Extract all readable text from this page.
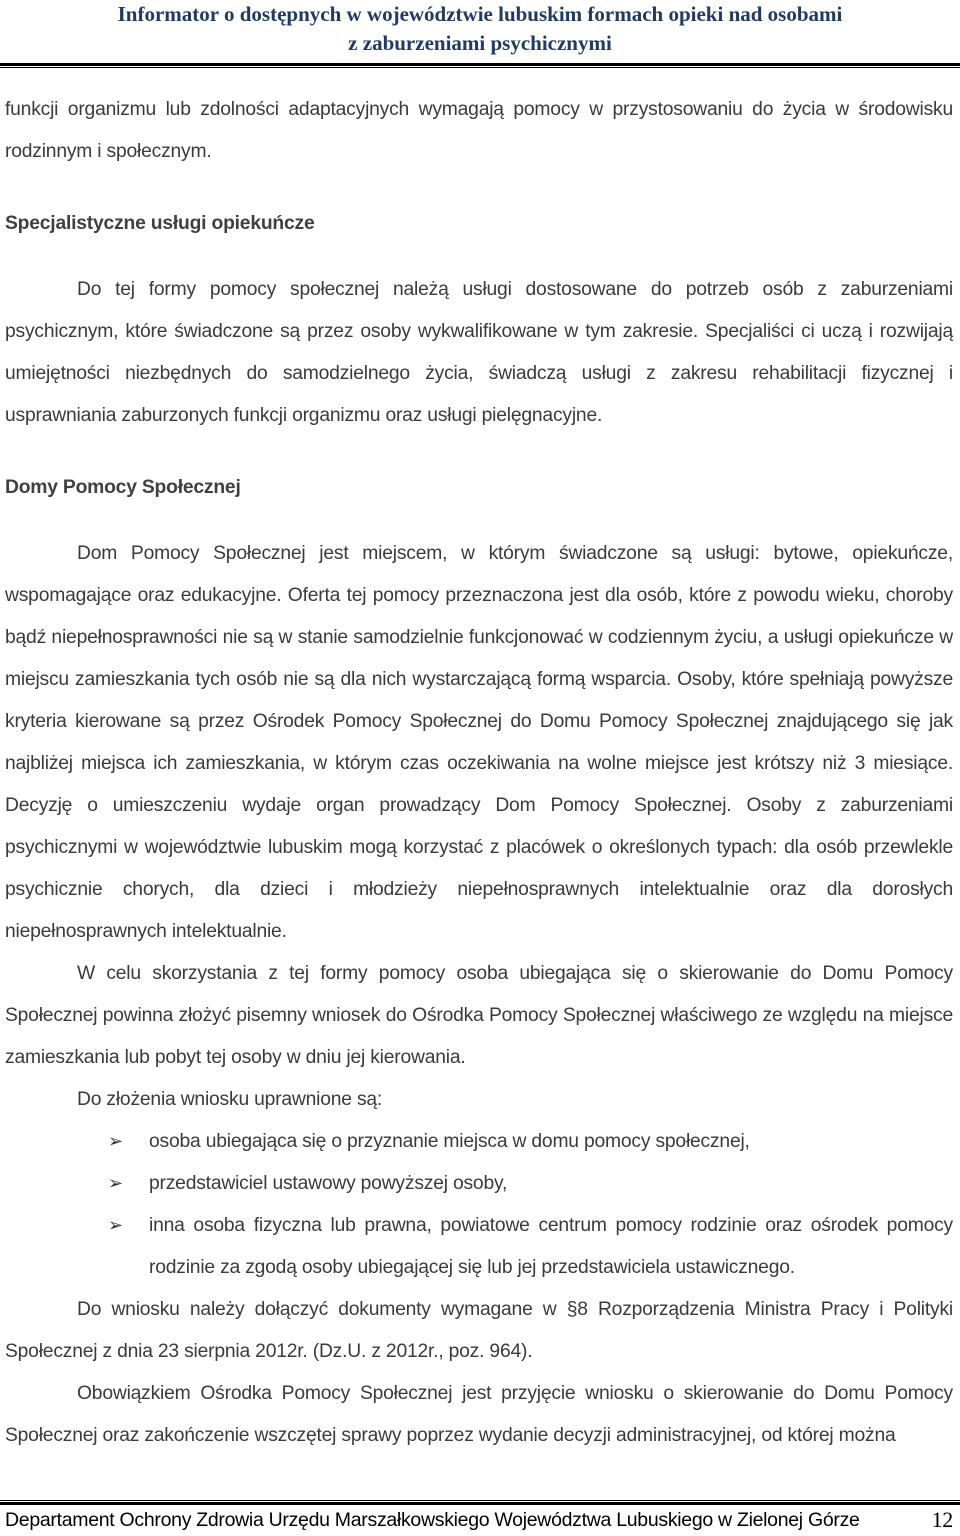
Informator o dostępnych w województwie lubuskim formach opieki nad osobami
z zaburzeniami psychicznymi

funkcji organizmu lub zdolności adaptacyjnych wymagają pomocy w przystosowaniu do życia w środowisku rodzinnym i społecznym.

Specjalistyczne usługi opiekuńcze

Do tej formy pomocy społecznej należą usługi dostosowane do potrzeb osób z zaburzeniami psychicznym, które świadczone są przez osoby wykwalifikowane w tym zakresie. Specjaliści ci uczą i rozwijają umiejętności niezbędnych do samodzielnego życia, świadczą usługi z zakresu rehabilitacji fizycznej i usprawniania zaburzonych funkcji organizmu oraz usługi pielęgnacyjne.

Domy Pomocy Społecznej

Dom Pomocy Społecznej jest miejscem, w którym świadczone są usługi: bytowe, opiekuńcze, wspomagające oraz edukacyjne. Oferta tej pomocy przeznaczona jest dla osób, które z powodu wieku, choroby bądź niepełnosprawności nie są w stanie samodzielnie funkcjonować w codziennym życiu, a usługi opiekuńcze w miejscu zamieszkania tych osób nie są dla nich wystarczającą formą wsparcia. Osoby, które spełniają powyższe kryteria kierowane są przez Ośrodek Pomocy Społecznej do Domu Pomocy Społecznej znajdującego się jak najbliżej miejsca ich zamieszkania, w którym czas oczekiwania na wolne miejsce jest krótszy niż 3 miesiące. Decyzję o umieszczeniu wydaje organ prowadzący Dom Pomocy Społecznej. Osoby z zaburzeniami psychicznymi w województwie lubuskim mogą korzystać z placówek o określonych typach: dla osób przewlekle psychicznie chorych, dla dzieci i młodzieży niepełnosprawnych intelektualnie oraz dla dorosłych niepełnosprawnych intelektualnie.

W celu skorzystania z tej formy pomocy osoba ubiegająca się o skierowanie do Domu Pomocy Społecznej powinna złożyć pisemny wniosek do Ośrodka Pomocy Społecznej właściwego ze względu na miejsce zamieszkania lub pobyt tej osoby w dniu jej kierowania.

Do złożenia wniosku uprawnione są:

➢ osoba ubiegająca się o przyznanie miejsca w domu pomocy społecznej,
➢ przedstawiciel ustawowy powyższej osoby,
➢ inna osoba fizyczna lub prawna, powiatowe centrum pomocy rodzinie oraz ośrodek pomocy rodzinie za zgodą osoby ubiegającej się lub jej przedstawiciela ustawicznego.

Do wniosku należy dołączyć dokumenty wymagane w §8 Rozporządzenia Ministra Pracy i Polityki Społecznej z dnia 23 sierpnia 2012r. (Dz.U. z 2012r., poz. 964).

Obowiązkiem Ośrodka Pomocy Społecznej jest przyjęcie wniosku o skierowanie do Domu Pomocy Społecznej oraz zakończenie wszczętej sprawy poprzez wydanie decyzji administracyjnej, od której można

Departament Ochrony Zdrowia Urzędu Marszałkowskiego Województwa Lubuskiego w Zielonej Górze	12
